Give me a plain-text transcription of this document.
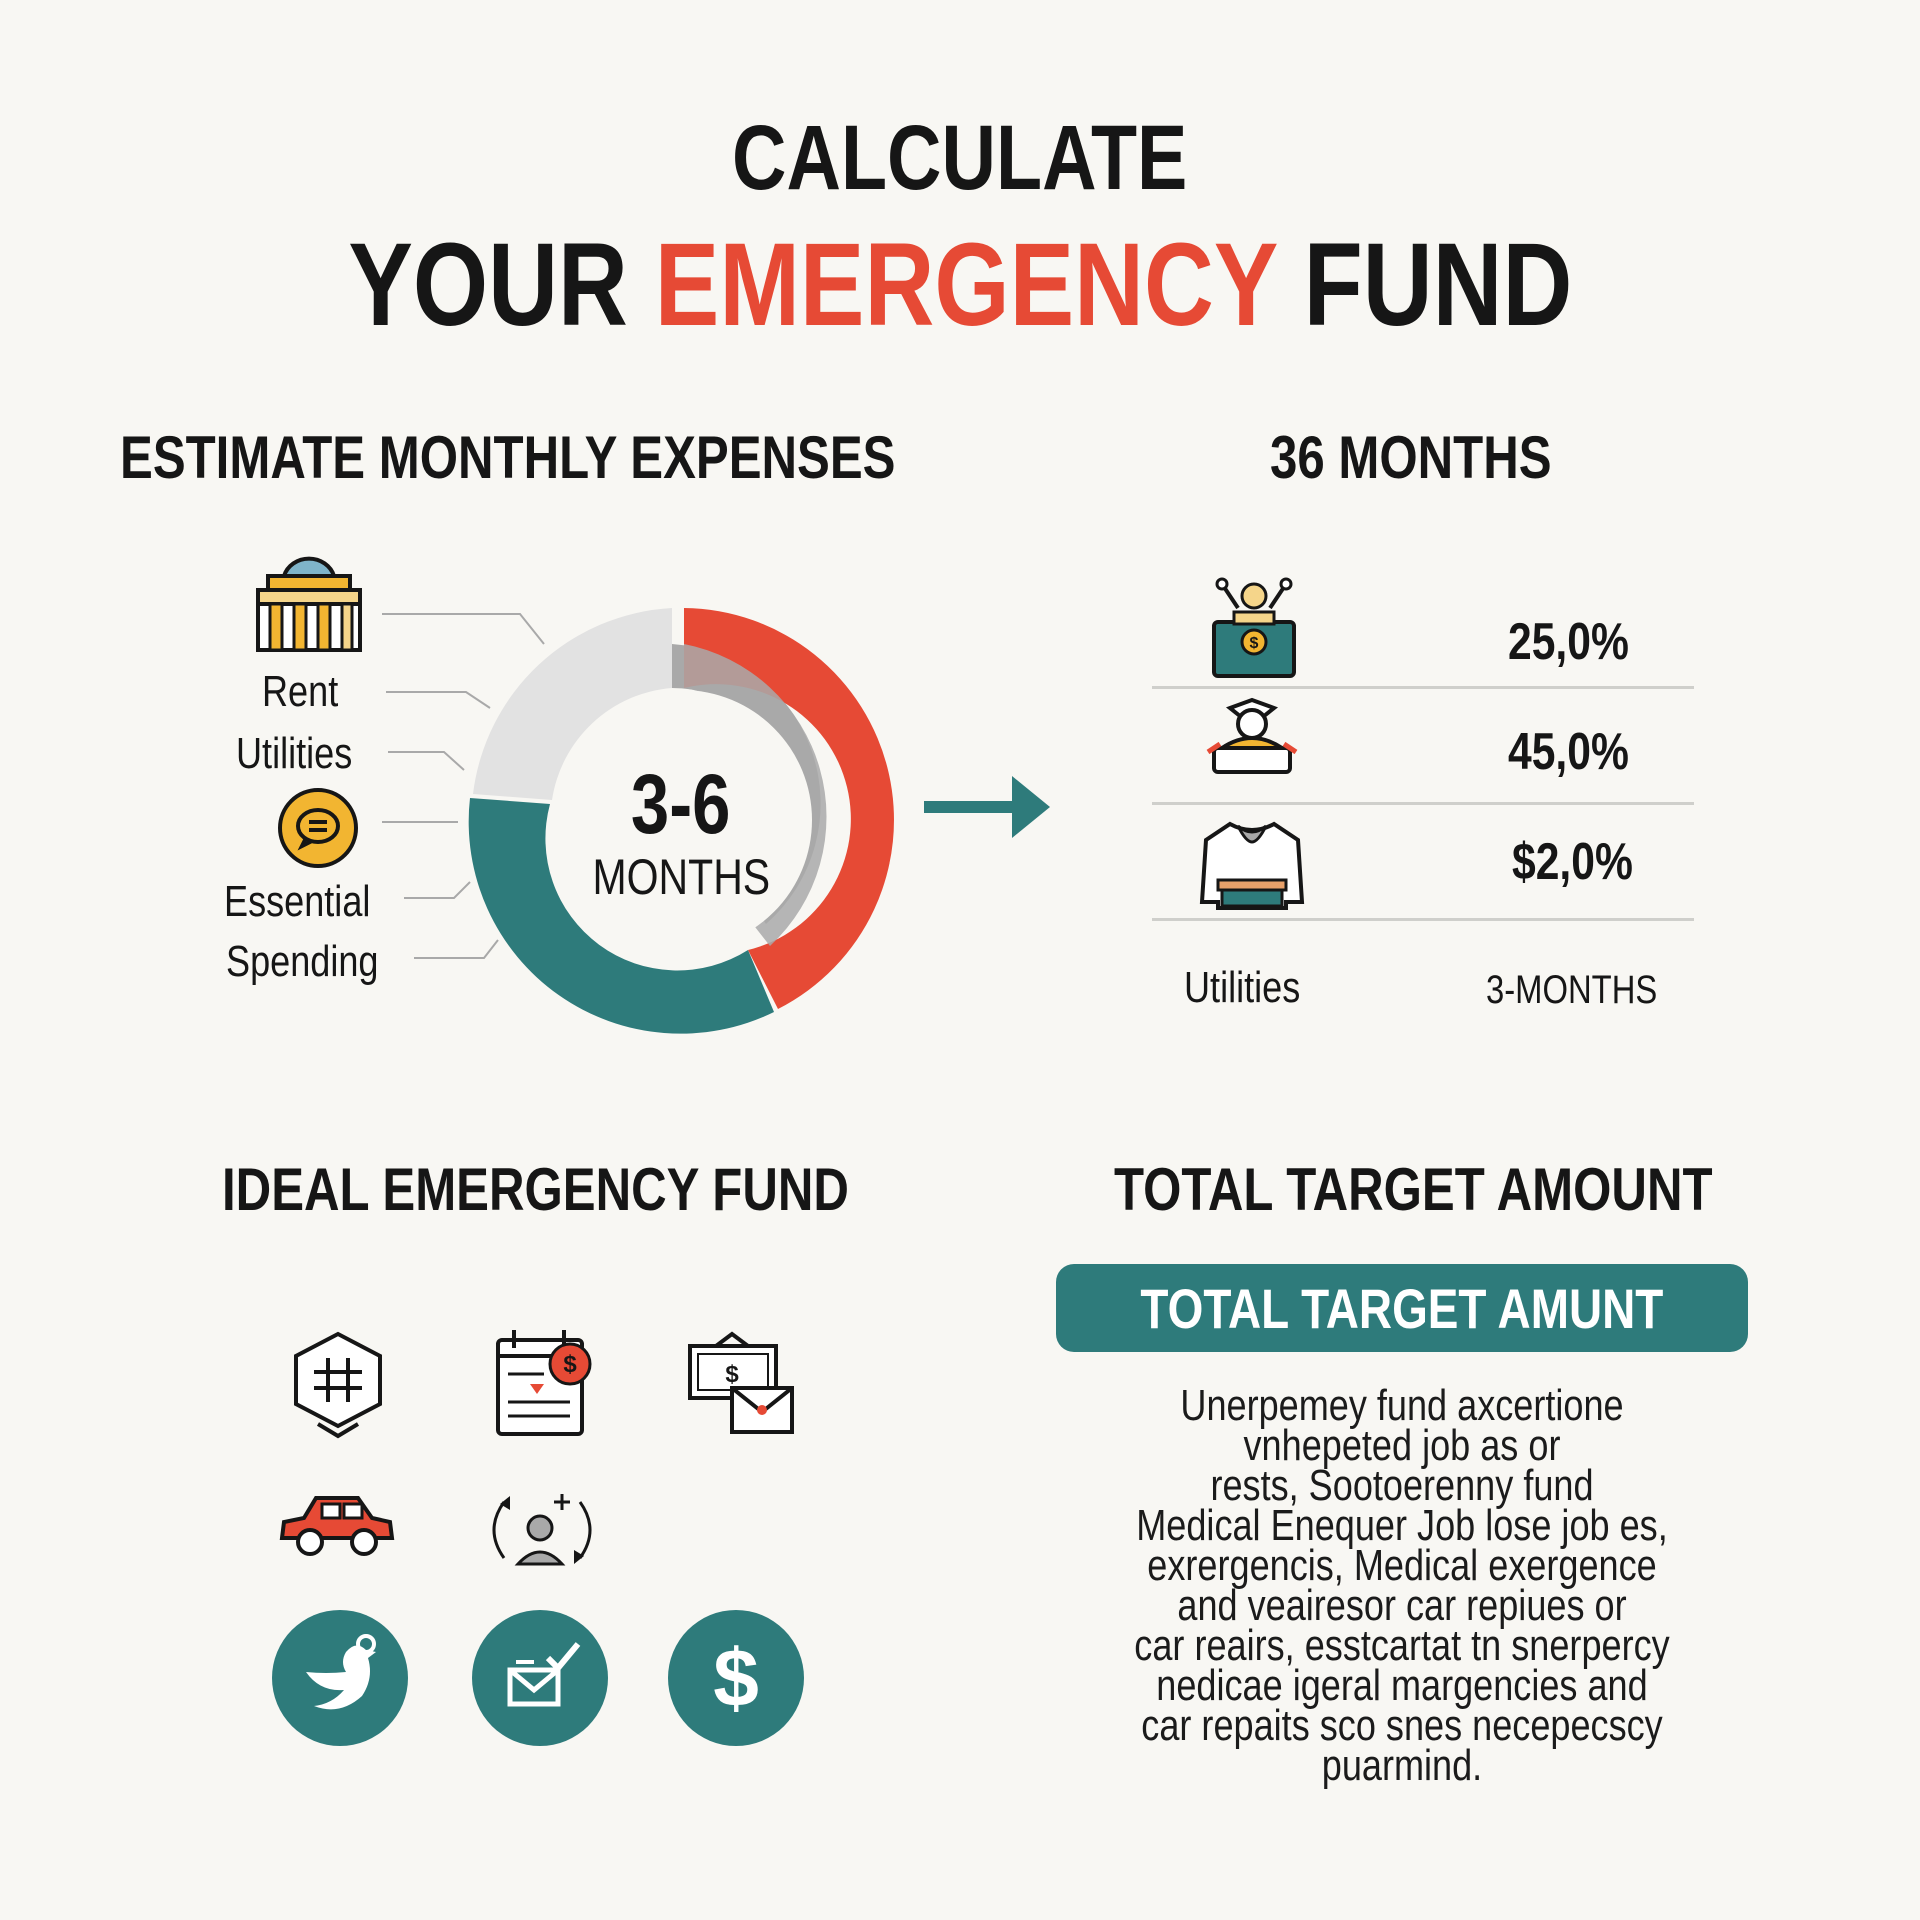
CALCULATE
YOUR EMERGENCY FUND
ESTIMATE MONTHLY EXPENSES
Rent
Utilities
Essential
Spending
3-6
MONTHS
36 MONTHS
$	25,0%
45,0%
$2,0%
Utilities	3-MONTHS
IDEAL EMERGENCY FUND
$	$
$
TOTAL TARGET AMOUNT
TOTAL TARGET AMUNT
Unerpemey fund axcertione
vnhepeted job as or
rests, Sootoerenny fund
Medical Enequer Job lose job es,
exrergencis, Medical exergence
and veairesor car repiues or
car reairs, esstcartat tn snerpercy
nedicae igeral margencies and
car repaits sco snes necepecscy
puarmind.
